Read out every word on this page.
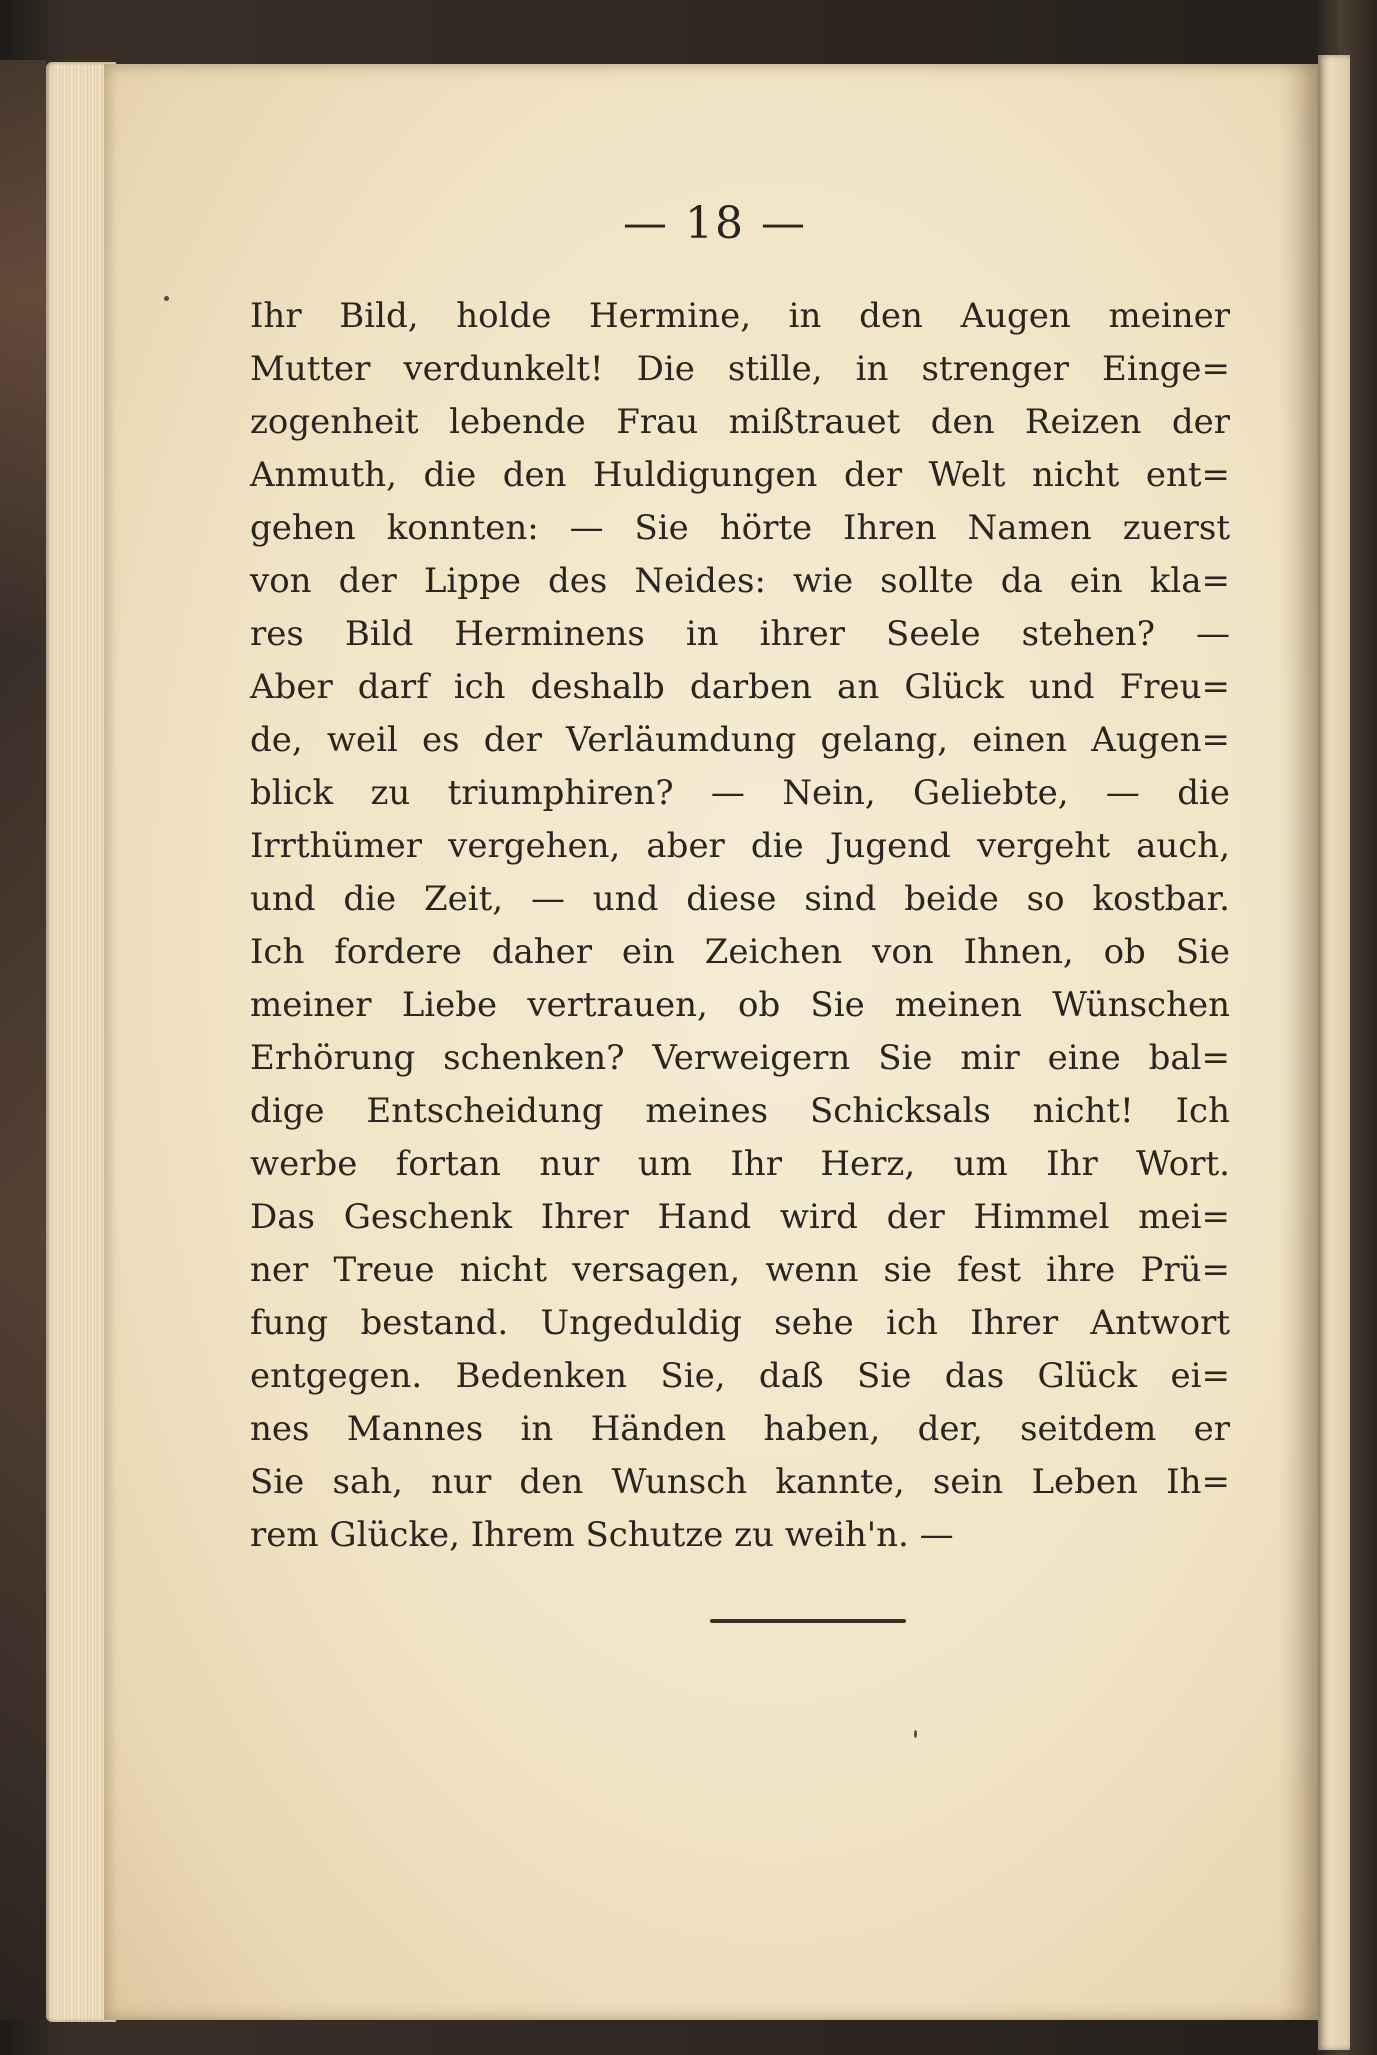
— 18 —
Ihr Bild, holde Hermine, in den Augen meiner
Mutter verdunkelt! Die stille, in strenger Einge=
zogenheit lebende Frau mißtrauet den Reizen der
Anmuth, die den Huldigungen der Welt nicht ent=
gehen konnten: — Sie hörte Ihren Namen zuerst
von der Lippe des Neides: wie sollte da ein kla=
res Bild Herminens in ihrer Seele stehen? —
Aber darf ich deshalb darben an Glück und Freu=
de, weil es der Verläumdung gelang, einen Augen=
blick zu triumphiren? — Nein, Geliebte, — die
Irrthümer vergehen, aber die Jugend vergeht auch,
und die Zeit, — und diese sind beide so kostbar.
Ich fordere daher ein Zeichen von Ihnen, ob Sie
meiner Liebe vertrauen, ob Sie meinen Wünschen
Erhörung schenken? Verweigern Sie mir eine bal=
dige Entscheidung meines Schicksals nicht! Ich
werbe fortan nur um Ihr Herz, um Ihr Wort.
Das Geschenk Ihrer Hand wird der Himmel mei=
ner Treue nicht versagen, wenn sie fest ihre Prü=
fung bestand. Ungeduldig sehe ich Ihrer Antwort
entgegen. Bedenken Sie, daß Sie das Glück ei=
nes Mannes in Händen haben, der, seitdem er
Sie sah, nur den Wunsch kannte, sein Leben Ih=
rem Glücke, Ihrem Schutze zu weih'n. —
